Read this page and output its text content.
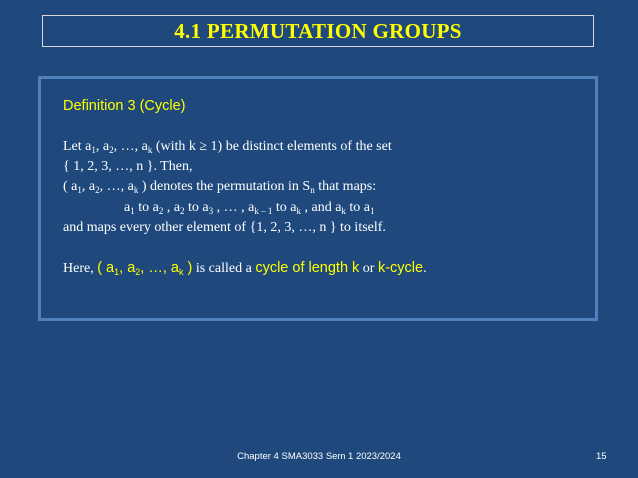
4.1 PERMUTATION GROUPS
Definition 3 (Cycle)
Let $a_1$, $a_2$, …, $a_k$ (with k ≥ 1) be distinct elements of the set
{ 1, 2, 3, …, n }. Then,
( $a_1$, $a_2$, …, $a_k$ ) denotes the permutation in $S_n$ that maps:
$a_1$ to $a_2$ , $a_2$ to $a_3$ , … , $a_{k - 1}$ to $a_k$ , and $a_k$ to $a_1$
and maps every other element of {1, 2, 3, …, n } to itself.
Here, ( $a_1$, $a_2$, …, $a_k$ ) is called a cycle of length k or k-cycle.
Chapter 4 SMA3033 Sem 1 2023/2024	15
